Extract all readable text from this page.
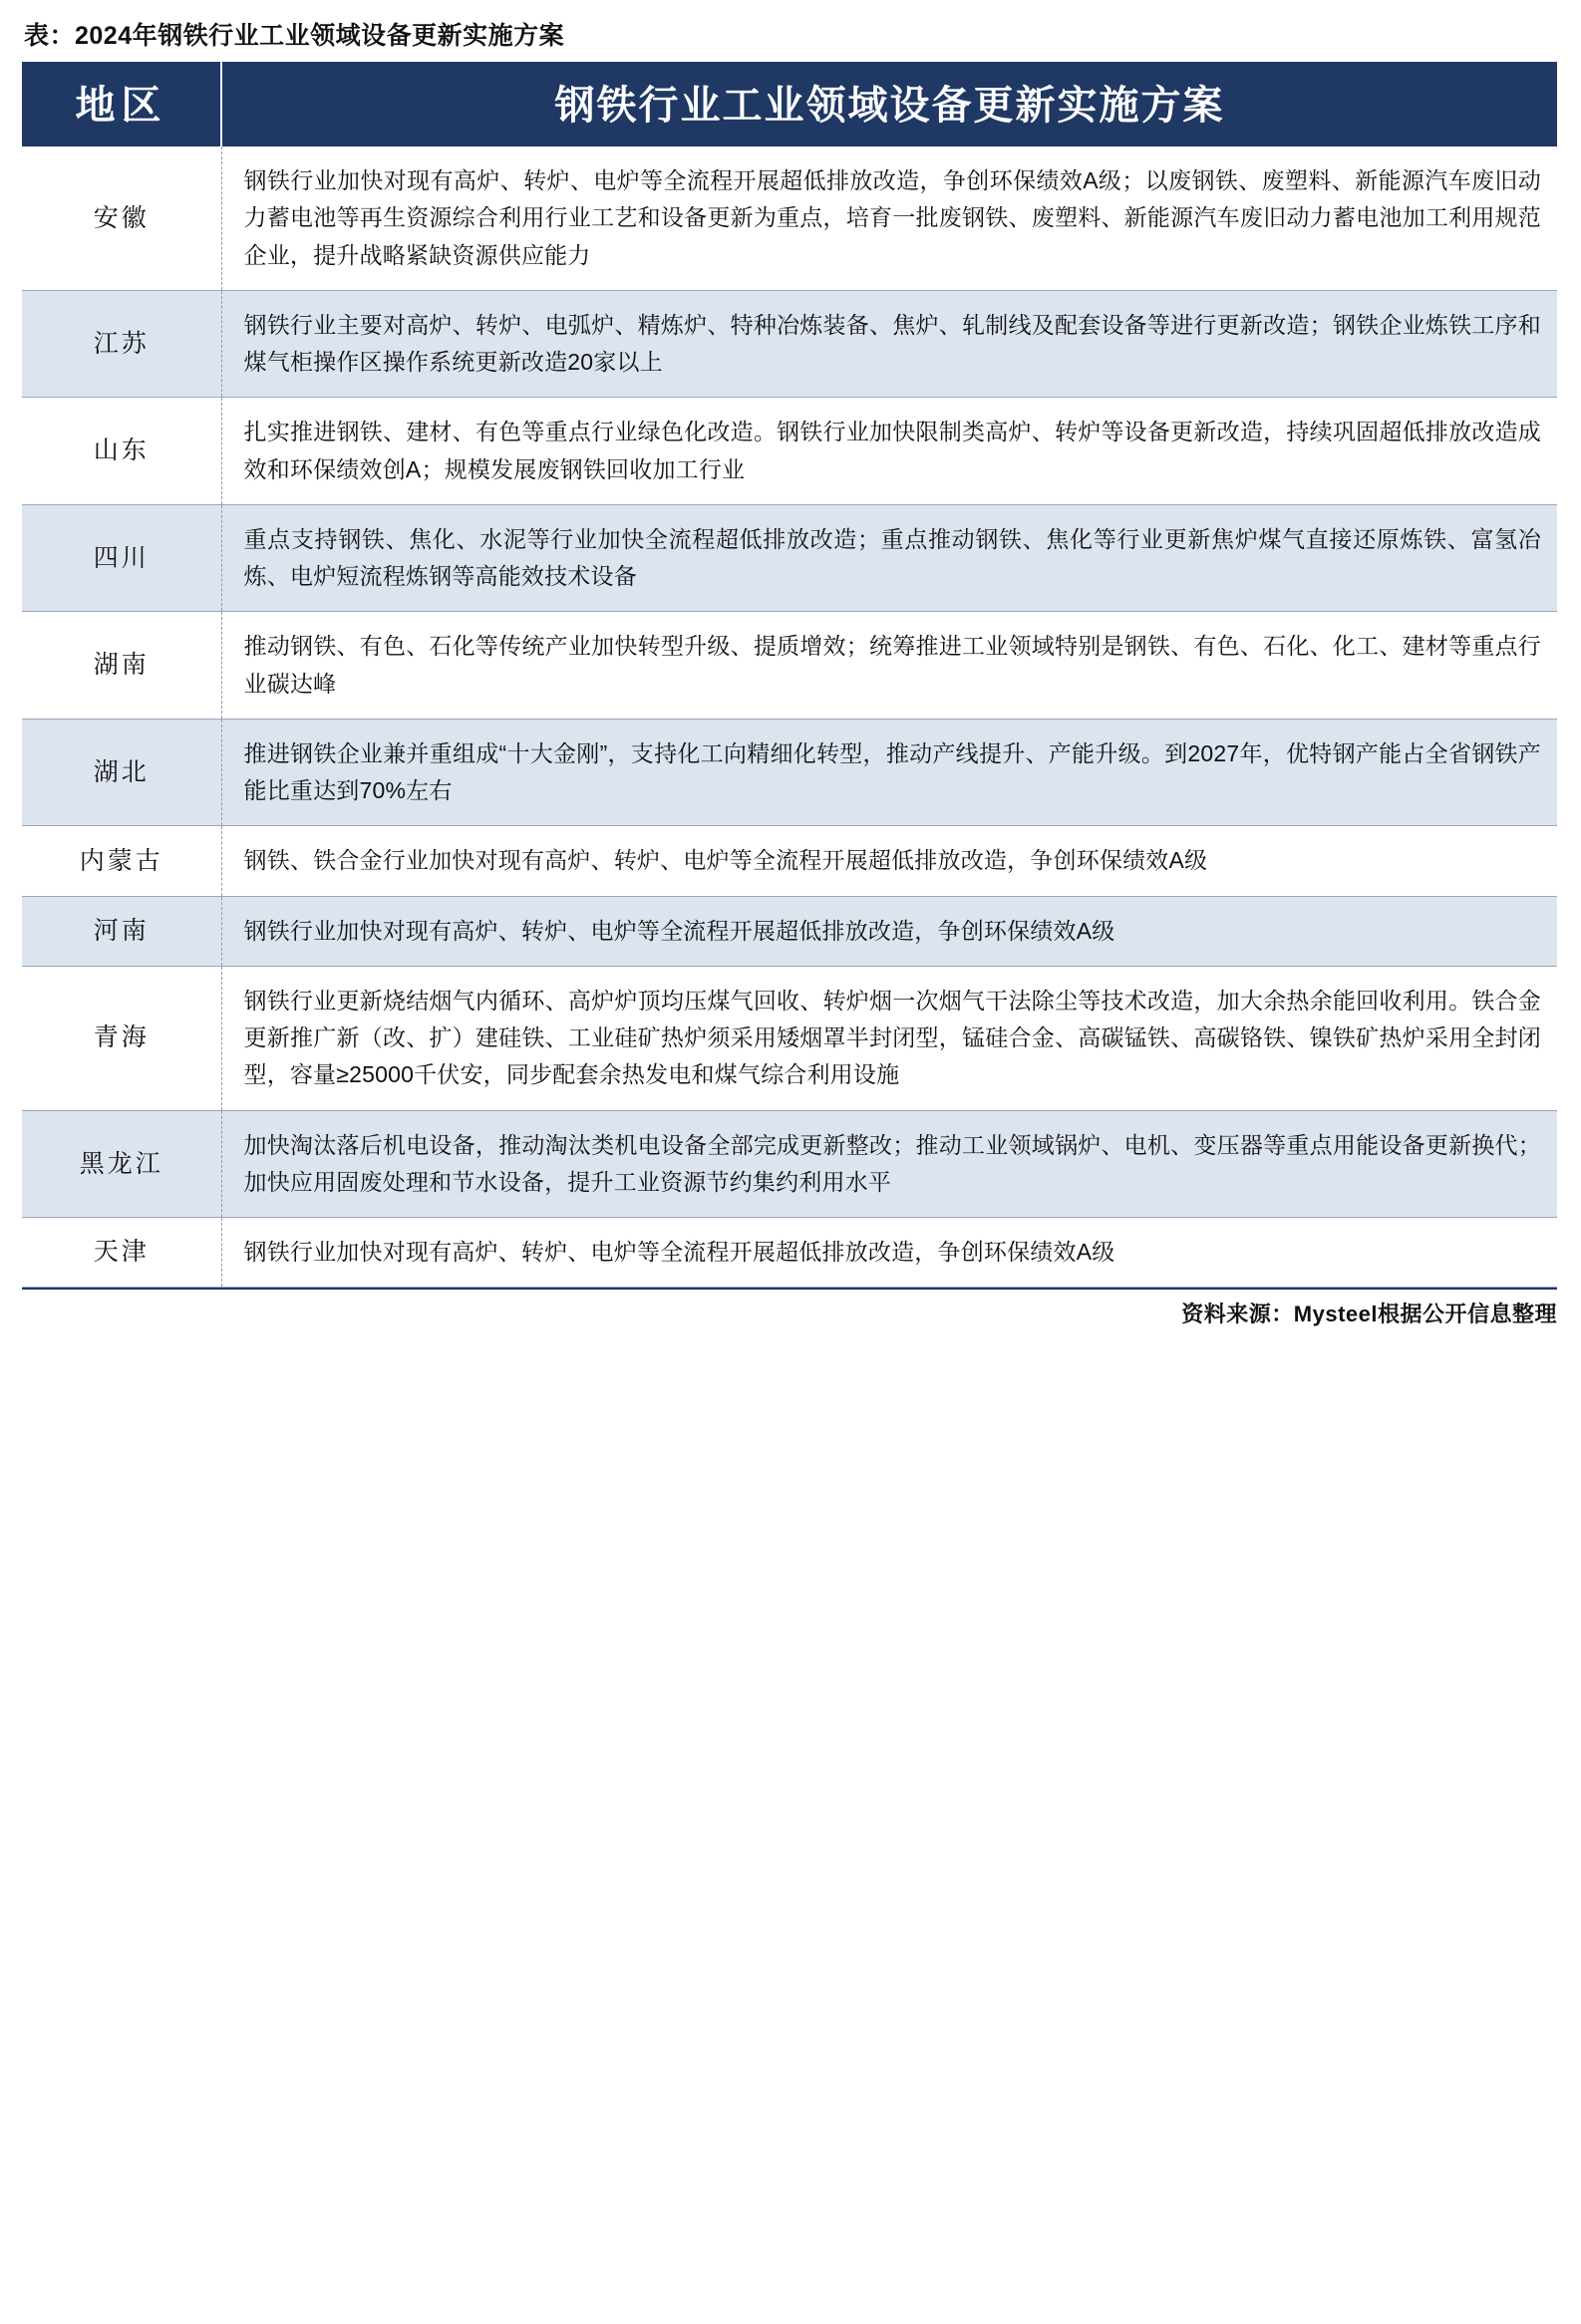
表：2024年钢铁行业工业领域设备更新实施方案
地区	钢铁行业工业领域设备更新实施方案
安徽	钢铁行业加快对现有高炉、转炉、电炉等全流程开展超低排放改造，争创环保绩效A级；以废钢铁、废塑料、新能源汽车废旧动力蓄电池等再生资源综合利用行业工艺和设备更新为重点，培育一批废钢铁、废塑料、新能源汽车废旧动力蓄电池加工利用规范企业，提升战略紧缺资源供应能力
江苏	钢铁行业主要对高炉、转炉、电弧炉、精炼炉、特种冶炼装备、焦炉、轧制线及配套设备等进行更新改造；钢铁企业炼铁工序和煤气柜操作区操作系统更新改造20家以上
山东	扎实推进钢铁、建材、有色等重点行业绿色化改造。钢铁行业加快限制类高炉、转炉等设备更新改造，持续巩固超低排放改造成效和环保绩效创A；规模发展废钢铁回收加工行业
四川	重点支持钢铁、焦化、水泥等行业加快全流程超低排放改造；重点推动钢铁、焦化等行业更新焦炉煤气直接还原炼铁、富氢冶炼、电炉短流程炼钢等高能效技术设备
湖南	推动钢铁、有色、石化等传统产业加快转型升级、提质增效；统筹推进工业领域特别是钢铁、有色、石化、化工、建材等重点行业碳达峰
湖北	推进钢铁企业兼并重组成“十大金刚”，支持化工向精细化转型，推动产线提升、产能升级。到2027年，优特钢产能占全省钢铁产能比重达到70%左右
内蒙古	钢铁、铁合金行业加快对现有高炉、转炉、电炉等全流程开展超低排放改造，争创环保绩效A级
河南	钢铁行业加快对现有高炉、转炉、电炉等全流程开展超低排放改造，争创环保绩效A级
青海	钢铁行业更新烧结烟气内循环、高炉炉顶均压煤气回收、转炉烟一次烟气干法除尘等技术改造，加大余热余能回收利用。铁合金更新推广新（改、扩）建硅铁、工业硅矿热炉须采用矮烟罩半封闭型，锰硅合金、高碳锰铁、高碳铬铁、镍铁矿热炉采用全封闭型，容量≥25000千伏安，同步配套余热发电和煤气综合利用设施
黑龙江	加快淘汰落后机电设备，推动淘汰类机电设备全部完成更新整改；推动工业领域锅炉、电机、变压器等重点用能设备更新换代；加快应用固废处理和节水设备，提升工业资源节约集约利用水平
天津	钢铁行业加快对现有高炉、转炉、电炉等全流程开展超低排放改造，争创环保绩效A级
资料来源：Mysteel根据公开信息整理
